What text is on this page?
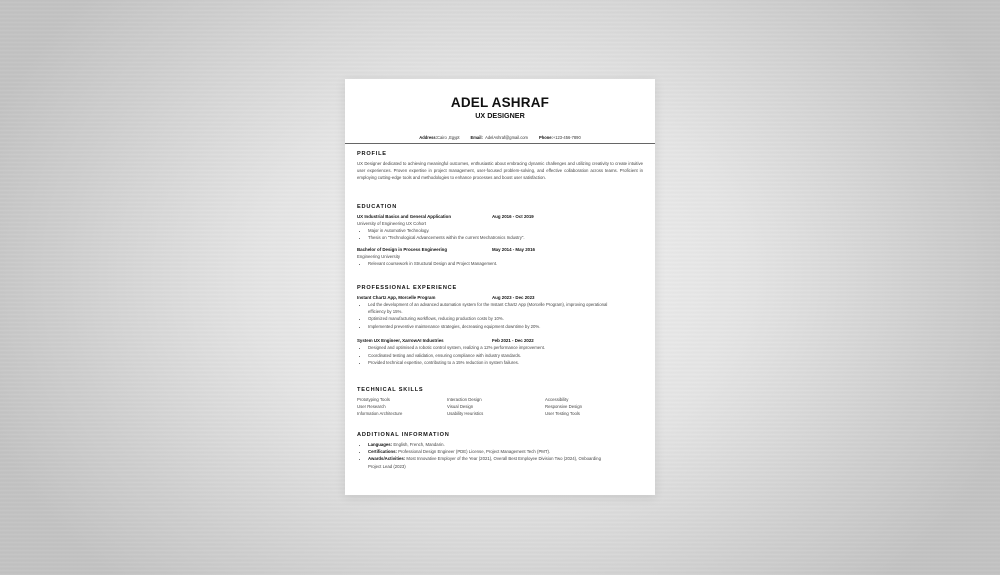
ADEL ASHRAF
UX DESIGNER
Address:Cairo ,Egypt	Email: AdelAshraf@gmail.com	Phone:+123-456-7890
PROFILE
UX Designer dedicated to achieving meaningful outcomes, enthusiastic about embracing dynamic challenges and utilizing creativity to create intuitive user experiences. Proven expertise in project management, user-focused problem-solving, and effective collaboration across teams. Proficient in employing cutting-edge tools and methodologies to enhance processes and boost user satisfaction.
EDUCATION
UX Industrial Basics and General Application	Aug 2016 - Oct 2019
University of Engineering UX Cohort
• Major in Automotive Technology.
• Thesis on "Technological Advancements within the current Mechatronics Industry".
Bachelor of Design in Process Engineering	May 2014 - May 2016
Engineering University
• Relevant coursework in Structural Design and Project Management.
PROFESSIONAL EXPERIENCE
Instant Chartz App, Morcelle Program	Aug 2023 - Dec 2023
• Led the development of an advanced automation system for the Instant Chartz App (Morcelle Program), improving operational efficiency by 15%.
• Optimized manufacturing workflows, reducing production costs by 10%.
• Implemented preventive maintenance strategies, decreasing equipment downtime by 20%.
System UX Engineer, XarrowAI Industries	Feb 2021 - Dec 2022
• Designed and optimised a robotic control system, realizing a 12% performance improvement.
• Coordinated testing and validation, ensuring compliance with industry standards.
• Provided technical expertise, contributing to a 15% reduction in system failures.
TECHNICAL SKILLS
Prototyping Tools	Interaction Design	Accessibility
User Research	Visual Design	Responsive Design
Information Architecture	Usability Heuristics	User Testing Tools
ADDITIONAL INFORMATION
• Languages: English, French, Mandarin.
• Certifications: Professional Design Engineer (PDE) License, Project Management Tech (PMT).
• Awards/Activities: Most Innovative Employer of the Year (2021), Overall Best Employee Division Two (2024), Onboarding Project Lead (2023)
